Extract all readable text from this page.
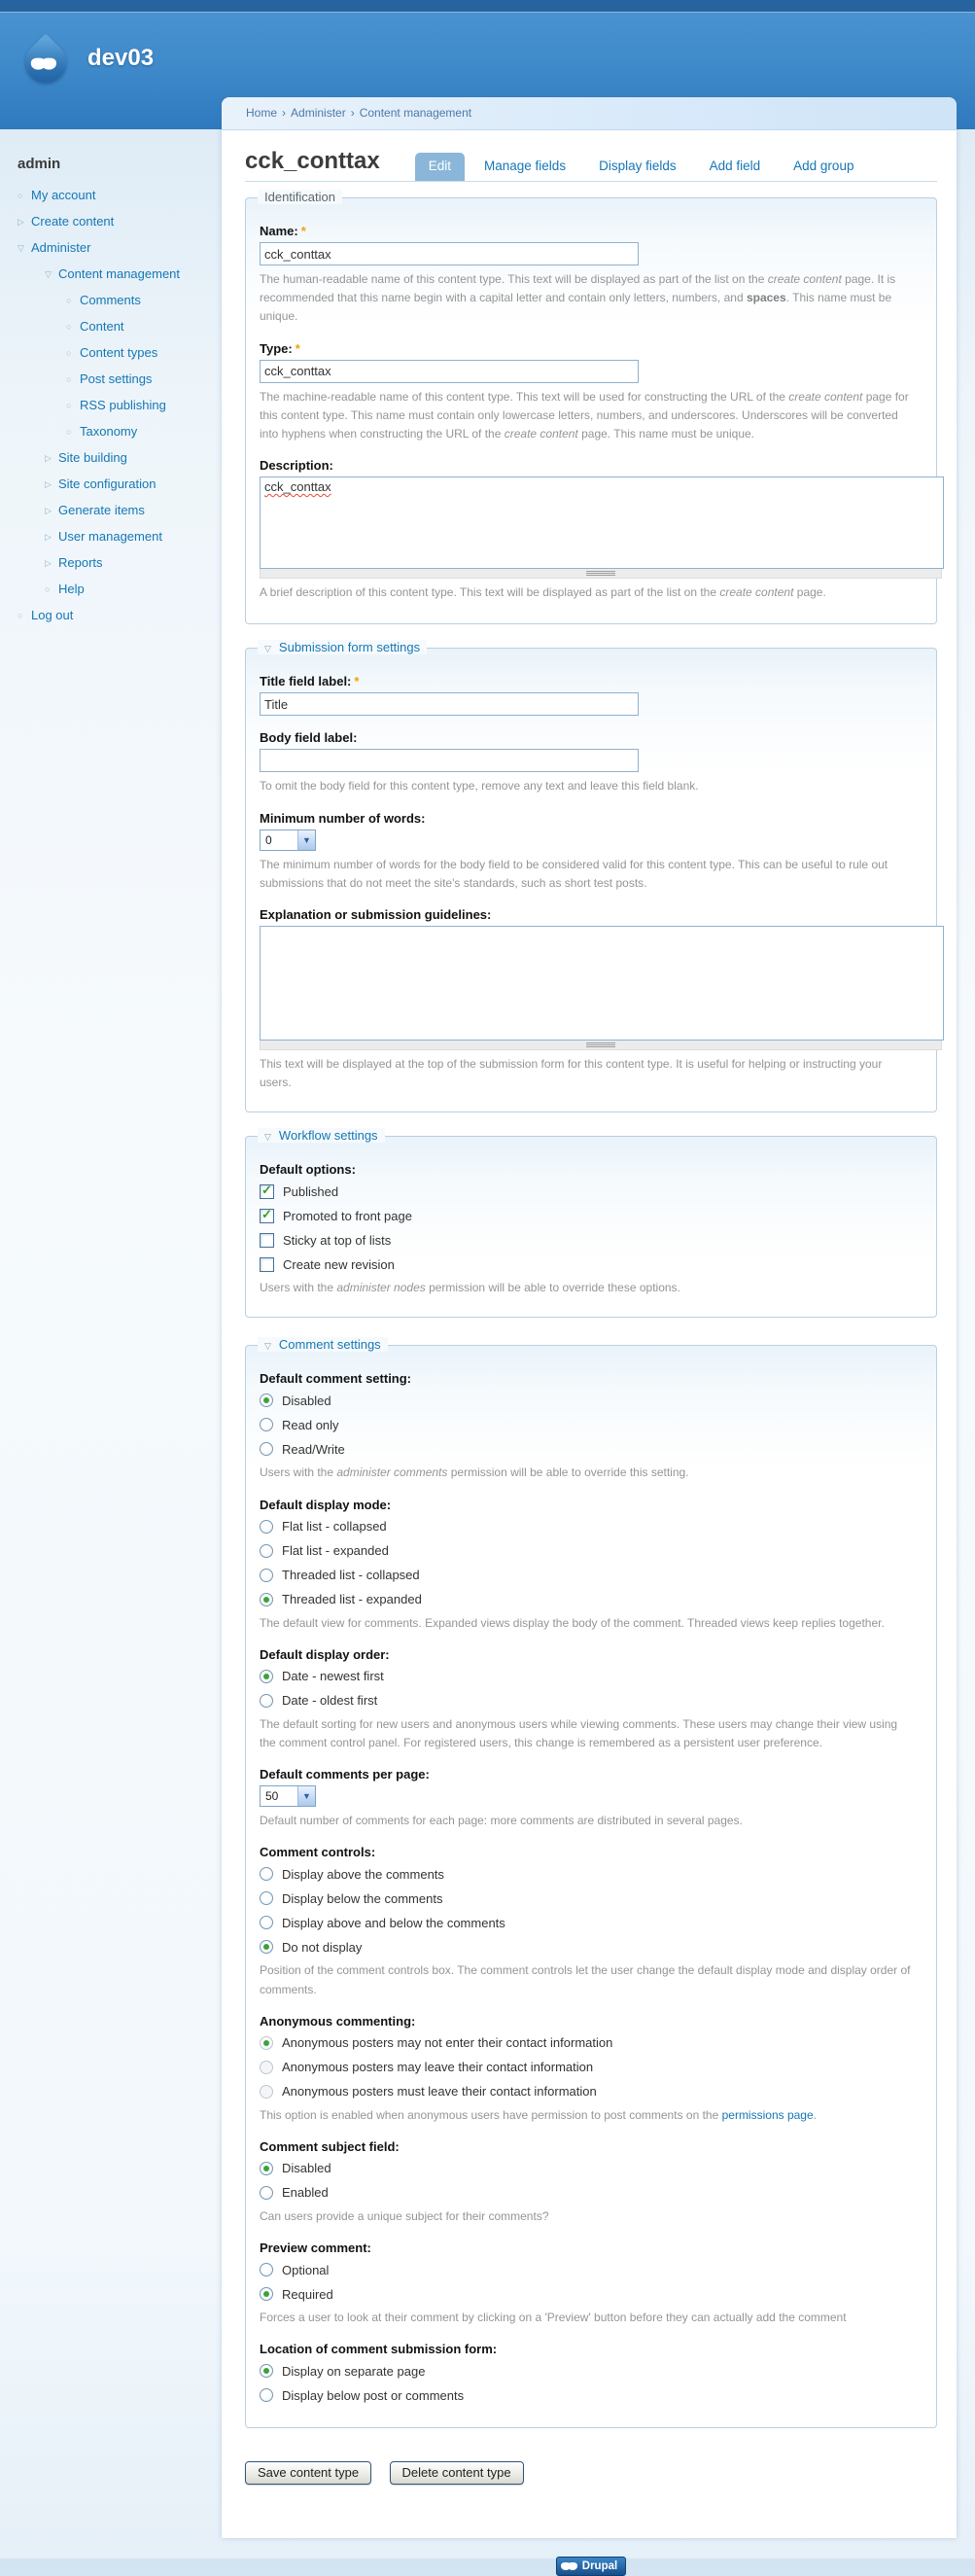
dev03
admin
○
My account
▷
Create content
▽
Administer
▽
Content management
○
Comments
○
Content
○
Content types
○
Post settings
○
RSS publishing
○
Taxonomy
▷
Site building
▷
Site configuration
▷
Generate items
▷
User management
▷
Reports
○
Help
○
Log out
Home › Administer › Content management
cck_conttax	Edit	Manage fields	Display fields	Add field	Add group
Identification
Name: *
cck_conttax
The human-readable name of this content type. This text will be displayed as part of the list on the create content page. It is recommended that this name begin with a capital letter and contain only letters, numbers, and spaces. This name must be unique.
Type: *
cck_conttax
The machine-readable name of this content type. This text will be used for constructing the URL of the create content page for this content type. This name must contain only lowercase letters, numbers, and underscores. Underscores will be converted into hyphens when constructing the URL of the create content page. This name must be unique.
Description:
cck_conttax
A brief description of this content type. This text will be displayed as part of the list on the create content page.
▽ Submission form settings
Title field label: *
Title
Body field label:
To omit the body field for this content type, remove any text and leave this field blank.
Minimum number of words:
0
▼
The minimum number of words for the body field to be considered valid for this content type. This can be useful to rule out submissions that do not meet the site's standards, such as short test posts.
Explanation or submission guidelines:
This text will be displayed at the top of the submission form for this content type. It is useful for helping or instructing your users.
▽ Workflow settings
Default options:
✓
Published
✓
Promoted to front page
Sticky at top of lists
Create new revision
Users with the administer nodes permission will be able to override these options.
▽ Comment settings
Default comment setting:
Disabled
Read only
Read/Write
Users with the administer comments permission will be able to override this setting.
Default display mode:
Flat list - collapsed
Flat list - expanded
Threaded list - collapsed
Threaded list - expanded
The default view for comments. Expanded views display the body of the comment. Threaded views keep replies together.
Default display order:
Date - newest first
Date - oldest first
The default sorting for new users and anonymous users while viewing comments. These users may change their view using the comment control panel. For registered users, this change is remembered as a persistent user preference.
Default comments per page:
50
▼
Default number of comments for each page: more comments are distributed in several pages.
Comment controls:
Display above the comments
Display below the comments
Display above and below the comments
Do not display
Position of the comment controls box. The comment controls let the user change the default display mode and display order of comments.
Anonymous commenting:
Anonymous posters may not enter their contact information
Anonymous posters may leave their contact information
Anonymous posters must leave their contact information
This option is enabled when anonymous users have permission to post comments on the permissions page.
Comment subject field:
Disabled
Enabled
Can users provide a unique subject for their comments?
Preview comment:
Optional
Required
Forces a user to look at their comment by clicking on a 'Preview' button before they can actually add the comment
Location of comment submission form:
Display on separate page
Display below post or comments
Save content type	Delete content type
Drupal
